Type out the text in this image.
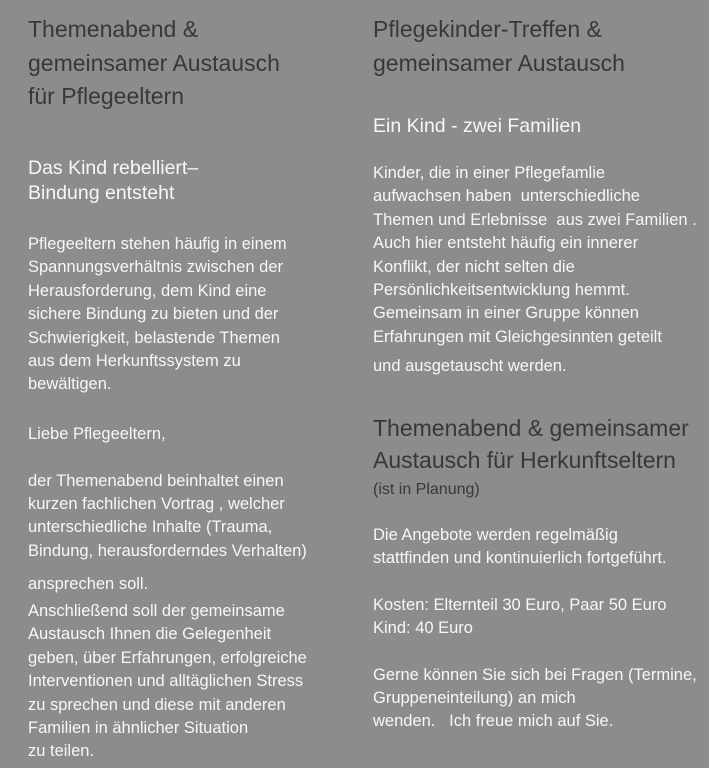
Themenabend &
gemeinsamer Austausch
für Pflegeeltern
Das Kind rebelliert–
Bindung entsteht
Pflegeeltern stehen häufig in einem
Spannungsverhältnis zwischen der
Herausforderung, dem Kind eine
sichere Bindung zu bieten und der
Schwierigkeit, belastende Themen
aus dem Herkunftssystem zu
bewältigen.
Liebe Pflegeeltern,
der Themenabend beinhaltet einen
kurzen fachlichen Vortrag , welcher
unterschiedliche Inhalte (Trauma,
Bindung, herausforderndes Verhalten)
ansprechen soll.
Anschließend soll der gemeinsame
Austausch Ihnen die Gelegenheit
geben, über Erfahrungen, erfolgreiche
Interventionen und alltäglichen Stress
zu sprechen und diese mit anderen
Familien in ähnlicher Situation
zu teilen.
Pflegekinder-Treffen &
gemeinsamer Austausch
Ein Kind - zwei Familien
Kinder, die in einer Pflegefamlie
aufwachsen haben  unterschiedliche
Themen und Erlebnisse  aus zwei Familien .
Auch hier entsteht häufig ein innerer
Konflikt, der nicht selten die
Persönlichkeitsentwicklung hemmt.
Gemeinsam in einer Gruppe können
Erfahrungen mit Gleichgesinnten geteilt
und ausgetauscht werden.
Themenabend & gemeinsamer
Austausch für Herkunftseltern
(ist in Planung)
Die Angebote werden regelmäßig
stattfinden und kontinuierlich fortgeführt.
Kosten: Elternteil 30 Euro, Paar 50 Euro
Kind: 40 Euro
Gerne können Sie sich bei Fragen (Termine,
Gruppeneinteilung) an mich
wenden.   Ich freue mich auf Sie.
